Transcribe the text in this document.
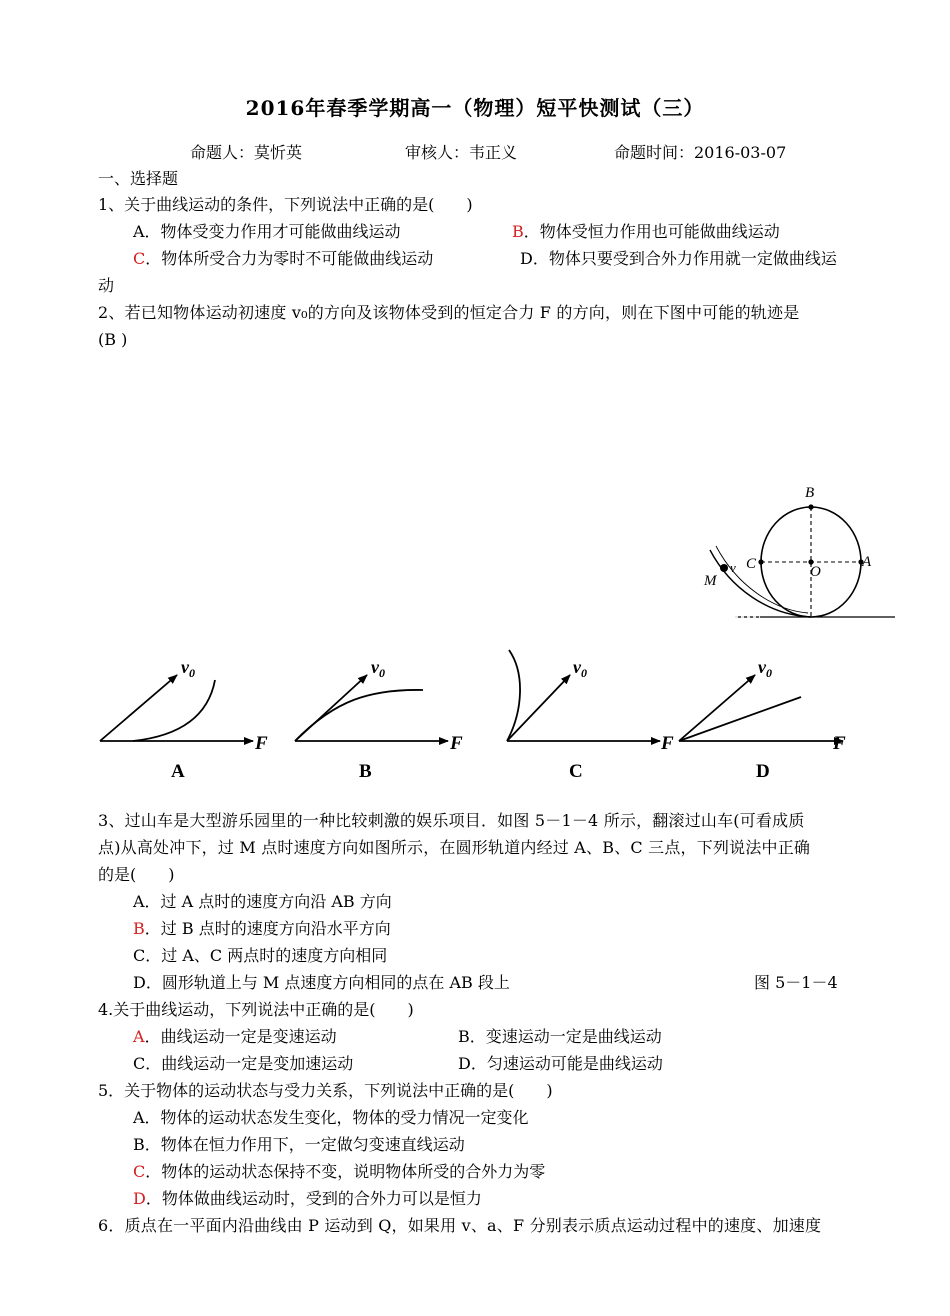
2016年春季学期高一（物理）短平快测试（三）
命题人：莫忻英	审核人：韦正义	命题时间：2016-03-07
一、选择题
1、关于曲线运动的条件，下列说法中正确的是(　　)
A．物体受变力作用才可能做曲线运动	B．物体受恒力作用也可能做曲线运动
C．物体所受合力为零时不可能做曲线运动	D．物体只要受到合外力作用就一定做曲线运
动
2、若已知物体运动初速度 v₀的方向及该物体受到的恒定合力 F 的方向，则在下图中可能的轨迹是
(B )
B
C	O
A
M
v
$v_0$
F
A
$v_0$
F
B
$v_0$
F
C
$v_0$
F
D
3、过山车是大型游乐园里的一种比较刺激的娱乐项目．如图 5－1－4 所示，翻滚过山车(可看成质
点)从高处冲下，过 M 点时速度方向如图所示，在圆形轨道内经过 A、B、C 三点，下列说法中正确
的是(　　)
A．过 A 点时的速度方向沿 AB 方向
B．过 B 点时的速度方向沿水平方向
C．过 A、C 两点时的速度方向相同
D．圆形轨道上与 M 点速度方向相同的点在 AB 段上	图 5－1－4
4.关于曲线运动，下列说法中正确的是(　　)
A．曲线运动一定是变速运动	B．变速运动一定是曲线运动
C．曲线运动一定是变加速运动	D．匀速运动可能是曲线运动
5．关于物体的运动状态与受力关系，下列说法中正确的是(　　)
A．物体的运动状态发生变化，物体的受力情况一定变化
B．物体在恒力作用下，一定做匀变速直线运动
C．物体的运动状态保持不变，说明物体所受的合外力为零
D．物体做曲线运动时，受到的合外力可以是恒力
6．质点在一平面内沿曲线由 P 运动到 Q，如果用 v、a、F 分别表示质点运动过程中的速度、加速度
